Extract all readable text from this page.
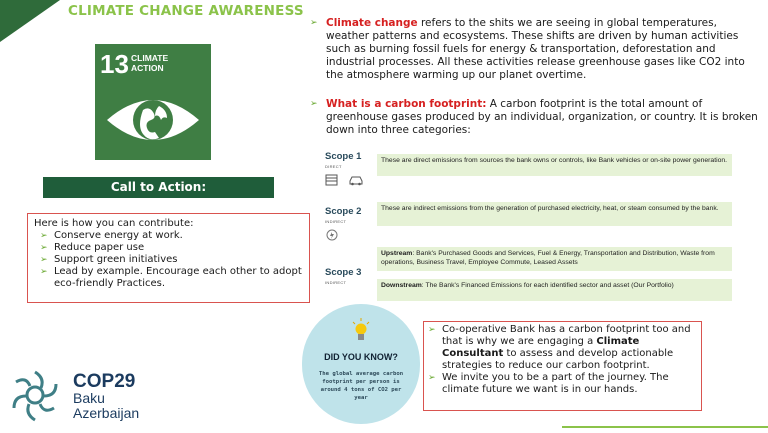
CLIMATE CHANGE AWARENESS
13 CLIMATE
ACTION
Call to Action:
Here is how you can contribute:
➢ Conserve energy at work.
➢ Reduce paper use
➢ Support green initiatives
➢ Lead by example. Encourage each other to adopt eco-friendly Practices.
COP29
Baku
Azerbaijan
➢ Climate change refers to the shits we are seeing in global temperatures, weather patterns and ecosystems. These shifts are driven by human activities such as burning fossil fuels for energy & transportation, deforestation and industrial processes. All these activities release greenhouse gases like CO2 into the atmosphere warming up our planet overtime.
➢ What is a carbon footprint: A carbon footprint is the total amount of greenhouse gases produced by an individual, organization, or country. It is broken down into three categories:
Scope 1
DIRECT
These are direct emissions from sources the bank owns or controls, like Bank vehicles or on-site power generation.
Scope 2
INDIRECT
These are indirect emissions from the generation of purchased electricity, heat, or steam consumed by the bank.
Scope 3
INDIRECT
Upstream: Bank's Purchased Goods and Services, Fuel & Energy, Transportation and Distribution, Waste from operations, Business Travel, Employee Commute, Leased Assets
Downstream: The Bank's Financed Emissions for each identified sector and asset (Our Portfolio)
DID YOU KNOW?
The global average carbon footprint per person is around 4 tons of CO2 per year
➢ Co-operative Bank has a carbon footprint too and that is why we are engaging a Climate Consultant to assess and develop actionable strategies to reduce our carbon footprint.
➢ We invite you to be a part of the journey. The climate future we want is in our hands.
